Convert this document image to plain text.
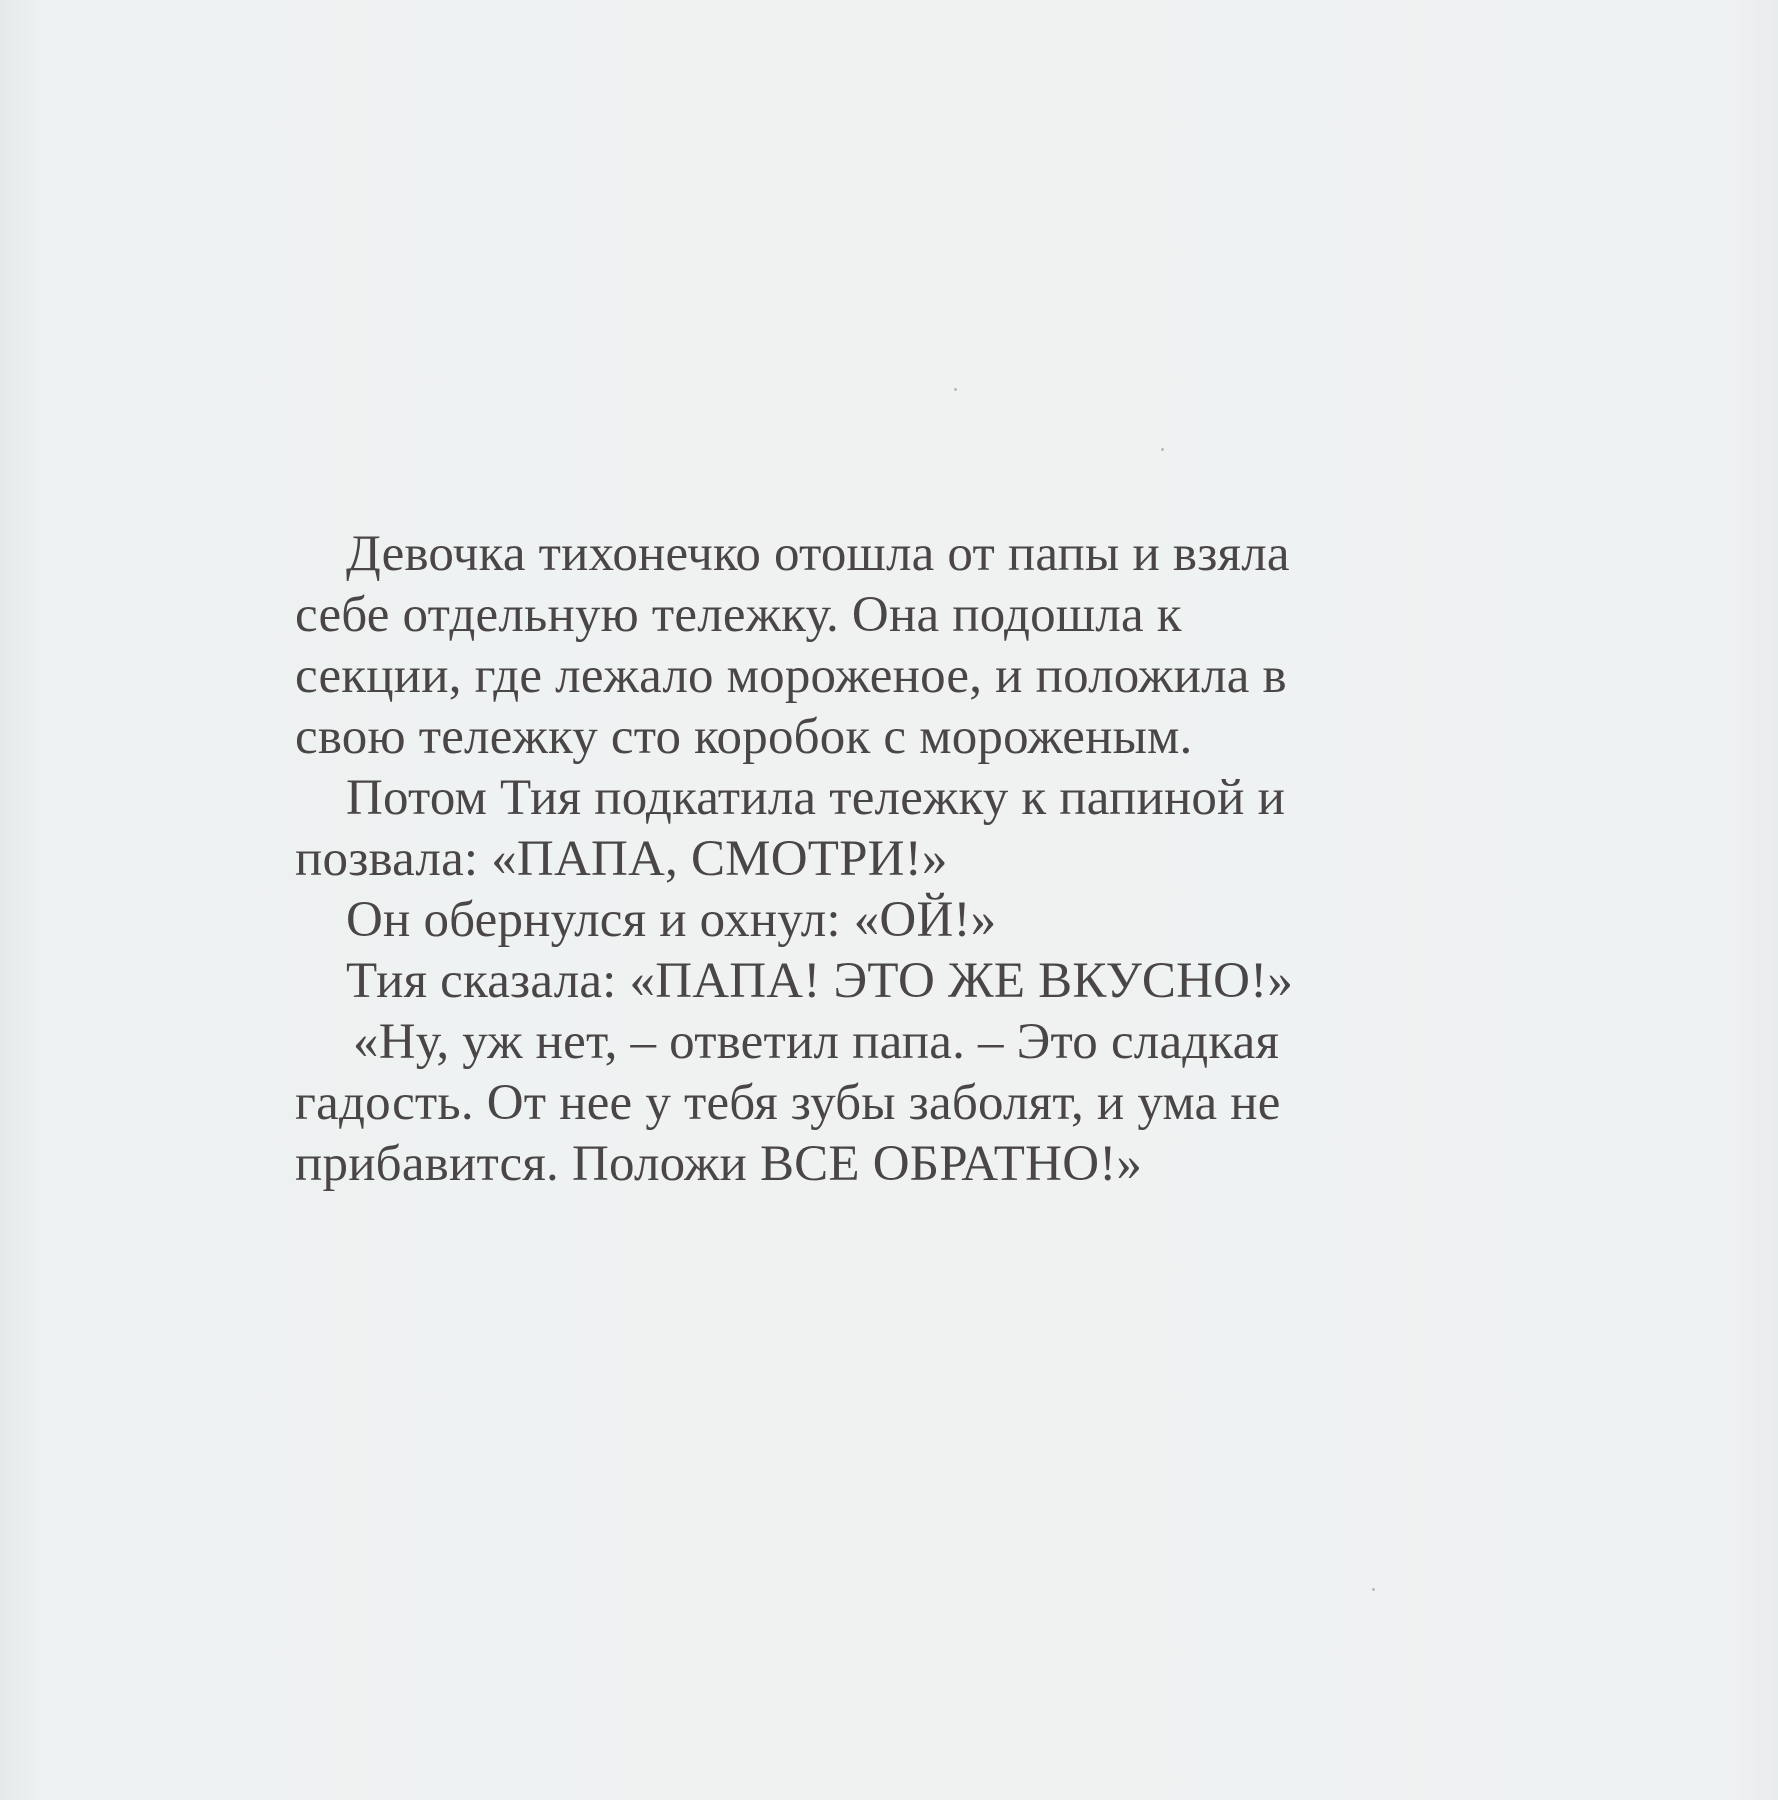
Девочка тихонечко отошла от папы и взяла
себе отдельную тележку. Она подошла к
секции, где лежало мороженое, и положила в
свою тележку сто коробок с мороженым.
Потом Тия подкатила тележку к папиной и
позвала: «ПАПА, СМОТРИ!»
Он обернулся и охнул: «ОЙ!»
Тия сказала: «ПАПА! ЭТО ЖЕ ВКУСНО!»
«Ну, уж нет, – ответил папа. – Это сладкая
гадость. От нее у тебя зубы заболят, и ума не
прибавится. Положи ВСЕ ОБРАТНО!»
